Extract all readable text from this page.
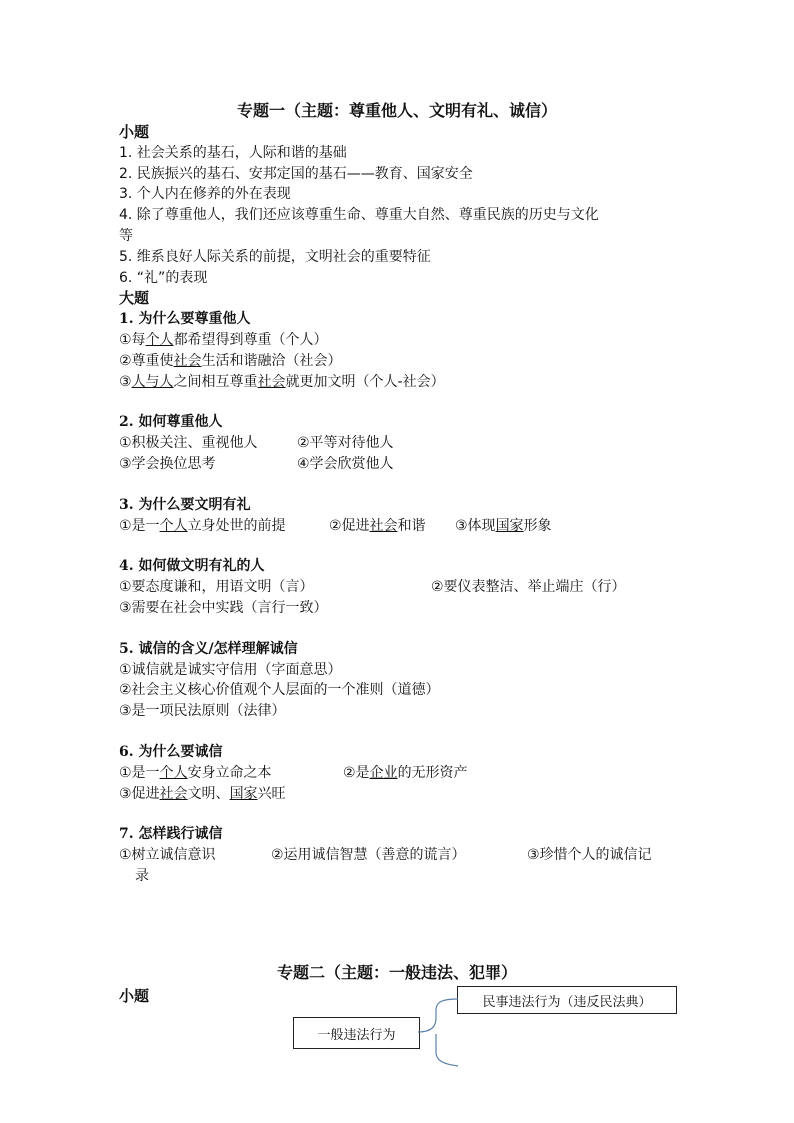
专题一（主题：尊重他人、文明有礼、诚信）
小题
1. 社会关系的基石，人际和谐的基础
2. 民族振兴的基石、安邦定国的基石——教育、国家安全
3. 个人内在修养的外在表现
4. 除了尊重他人，我们还应该尊重生命、尊重大自然、尊重民族的历史与文化
等
5. 维系良好人际关系的前提，文明社会的重要特征
6. “礼”的表现
大题
1. 为什么要尊重他人
①每个人都希望得到尊重（个人）
②尊重使社会生活和谐融洽（社会）
③人与人之间相互尊重社会就更加文明（个人-社会）
2. 如何尊重他人
①积极关注、重视他人	②平等对待他人
③学会换位思考	④学会欣赏他人
3. 为什么要文明有礼
①是一个人立身处世的前提	②促进社会和谐	③体现国家形象
4. 如何做文明有礼的人
①要态度谦和，用语文明（言）	②要仪表整洁、举止端庄（行）
③需要在社会中实践（言行一致）
5. 诚信的含义/怎样理解诚信
①诚信就是诚实守信用（字面意思）
②社会主义核心价值观个人层面的一个准则（道德）
③是一项民法原则（法律）
6. 为什么要诚信
①是一个人安身立命之本	②是企业的无形资产
③促进社会文明、国家兴旺
7. 怎样践行诚信
①树立诚信意识	②运用诚信智慧（善意的谎言）	③珍惜个人的诚信记
录
专题二（主题：一般违法、犯罪）
小题	民事违法行为（违反民法典）
一般违法行为
